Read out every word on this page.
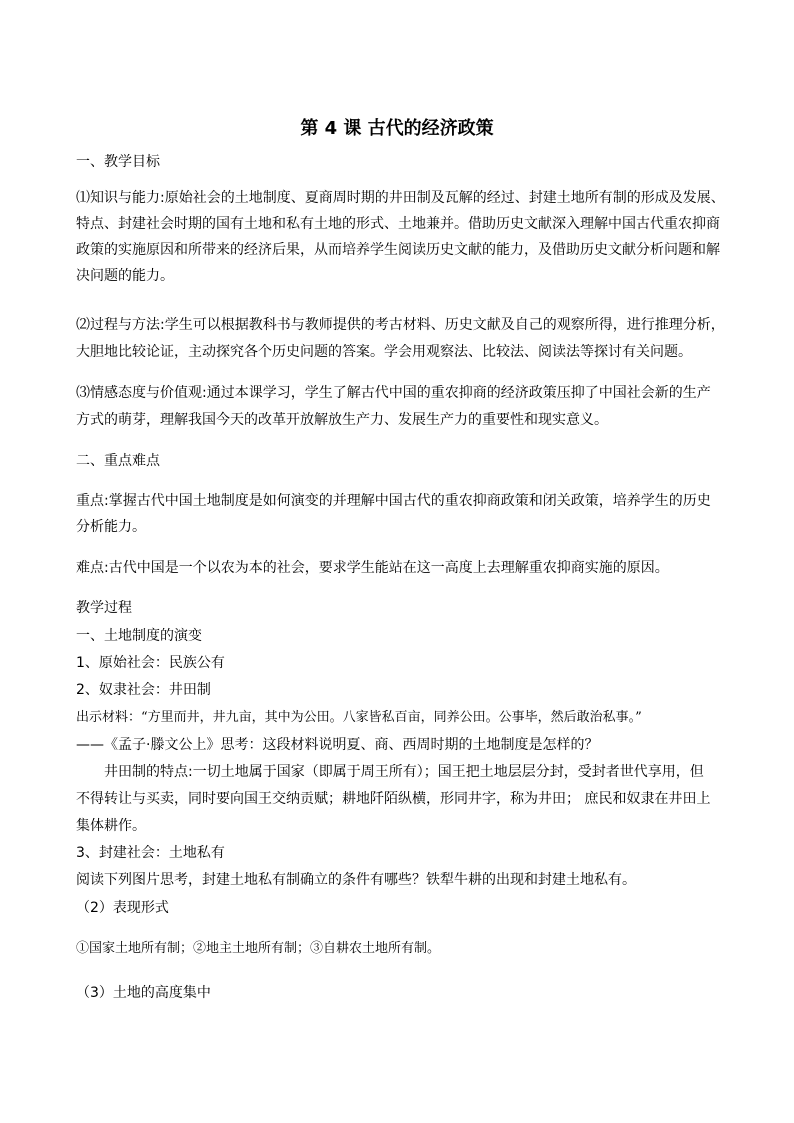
第 4 课 古代的经济政策
一、教学目标
⑴知识与能力:原始社会的土地制度、夏商周时期的井田制及瓦解的经过、封建土地所有制的形成及发展、
特点、封建社会时期的国有土地和私有土地的形式、土地兼并。借助历史文献深入理解中国古代重农抑商
政策的实施原因和所带来的经济后果，从而培养学生阅读历史文献的能力，及借助历史文献分析问题和解
决问题的能力。
⑵过程与方法:学生可以根据教科书与教师提供的考古材料、历史文献及自己的观察所得，进行推理分析，
大胆地比较论证，主动探究各个历史问题的答案。学会用观察法、比较法、阅读法等探讨有关问题。
⑶情感态度与价值观:通过本课学习，学生了解古代中国的重农抑商的经济政策压抑了中国社会新的生产
方式的萌芽，理解我国今天的改革开放解放生产力、发展生产力的重要性和现实意义。
二、重点难点
重点:掌握古代中国土地制度是如何演变的并理解中国古代的重农抑商政策和闭关政策，培养学生的历史
分析能力。
难点:古代中国是一个以农为本的社会，要求学生能站在这一高度上去理解重农抑商实施的原因。
教学过程
一、土地制度的演变
1、原始社会：民族公有
2、奴隶社会：井田制
出示材料：“方里而井，井九亩，其中为公田。八家皆私百亩，同养公田。公事毕，然后敢治私事。”
——《孟子·滕文公上》思考：这段材料说明夏、商、西周时期的土地制度是怎样的？
井田制的特点:一切土地属于国家（即属于周王所有）；国王把土地层层分封，受封者世代享用，但
不得转让与买卖，同时要向国王交纳贡赋；耕地阡陌纵横，形同井字，称为井田； 庶民和奴隶在井田上
集体耕作。
3、封建社会：土地私有
阅读下列图片思考，封建土地私有制确立的条件有哪些？铁犁牛耕的出现和封建土地私有。
（2）表现形式
①国家土地所有制；②地主土地所有制；③自耕农土地所有制。
（3）土地的高度集中
